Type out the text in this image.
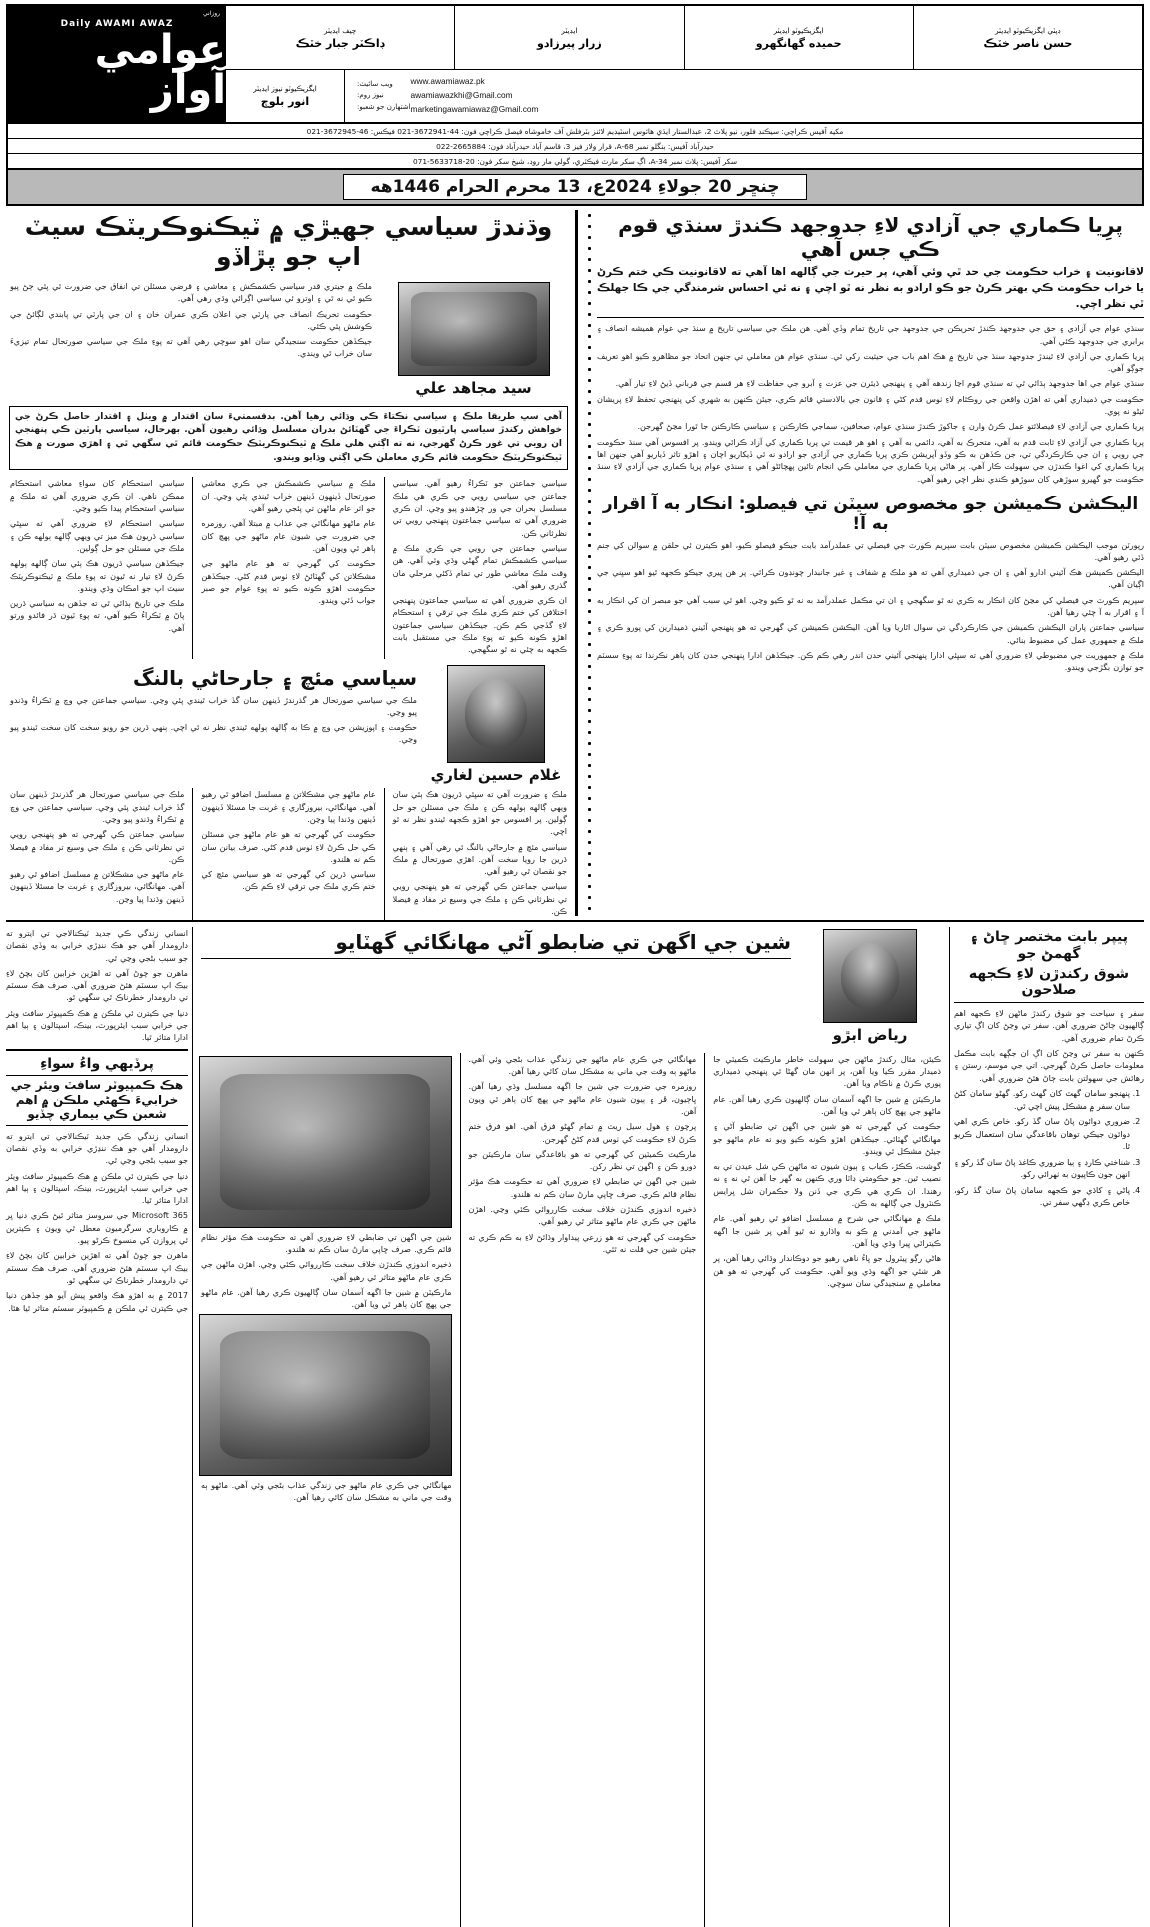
ڊپٽي ايگزيڪيوٽو ايڊيٽر
حسن ناصر خٽڪ
ايگزيڪيوٽو ايڊيٽر
حميده گهانگهرو
ايڊيٽر
زرار پيرزادو
چيف ايڊيٽر
ڊاڪٽر جبار خٽڪ
ويب سائيٽ:
نيوز روم:
اشتهارن جو شعبو:
www.awamiawaz.pk
awamiawazkhi@Gmail.com
marketingawamiawaz@Gmail.com
ايگزيڪيوٽو نيوز ايڊيٽر
انور بلوچ
روزاني
Daily AWAMI AWAZ
عوامي آواز
مکيه آفيس ڪراچي: سيڪنڊ فلور، نيو پلاٽ 2، عبدالستار ايڌي هائوس اسٽيڊيم لائنز بٽرفلش آف خاموشاه فيصل ڪراچي فون: 44-3672941-021 فيڪس: 46-3672945-021
حيدرآباد آفيس: بنگلو نمبر A-68، قرار ولاز فيز 3، قاسم آباد حيدرآباد فون: 2665884-022
سکر آفيس: پلاٽ نمبر A-34، اڳ سکر مارٽ فيڪٽري، گولي مار روڊ، شيخ سکر فون: 20-5633718-071
چنڇر 20 جولاءِ 2024ع، 13 محرم الحرام 1446هه
پرِيا ڪماري جي آزادي لاءِ جدوجهد ڪندڙ سنڌي قوم ڪي جس آهي
لاقانونيت ۽ خراب حڪومت جي حد ٿي وئي آهي، پر حيرت جي ڳالهه اها آهي ته لاقانونيت ڪي ختم ڪرڻ يا خراب حڪومت ڪي بهتر ڪرڻ جو ڪو ارادو به نظر نه ٿو اچي ۽ نه ئي احساس شرمندگي جي ڪا جهلڪ ٿي نظر اچي.

سنڌي عوام جي آزادي ۽ حق جي جدوجهد ڪندڙ تحريڪن جي جدوجهد جي تاريخ تمام وڏي آهي. هن ملڪ جي سياسي تاريخ ۾ سنڌ جي عوام هميشه انصاف ۽ برابري جي جدوجهد ڪئي آهي.

پريا ڪماري جي آزادي لاءِ ٿيندڙ جدوجهد سنڌ جي تاريخ ۾ هڪ اهم باب جي حيثيت رکي ٿي. سنڌي عوام هن معاملي تي جنهن اتحاد جو مظاهرو ڪيو اهو تعريف جوڳو آهي.

سنڌي عوام جي اها جدوجهد ٻڌائي ٿي ته سنڌي قوم اڃا زندهه آهي ۽ پنهنجي ڌيئرن جي عزت ۽ آبرو جي حفاظت لاءِ هر قسم جي قرباني ڏيڻ لاءِ تيار آهي.

حڪومت جي ذميداري آهي ته اهڙن واقعن جي روڪٿام لاءِ ٺوس قدم کڻي ۽ قانون جي بالادستي قائم ڪري، جيئن ڪنهن به شهري کي پنهنجي تحفظ لاءِ پريشان ٿيڻو نه پوي.

پريا ڪماري جي آزادي لاءِ فيصلائتو عمل ڪرڻ وارن ۽ جاکوڙ ڪندڙ سنڌي عوام، صحافين، سماجي ڪارڪنن ۽ سياسي ڪارڪنن جا ٿورا مڃڻ گهرجن.

پريا ڪماري جي آزادي لاءِ ثابت قدم به آهي، متحرڪ به آهي، دائمي به آهي ۽ اهو هر قيمت تي پريا ڪماري کي آزاد ڪرائي ويندو. پر افسوس آهي سنڌ حڪومت جي رويي ۽ ان جي ڪارڪردگي تي، جن ڪڏهن به ڪو وڏو آپريشن ڪري پريا ڪماري جي آزادي جو ارادو نه ئي ڏيکاريو اچان ۽ اهڙو تاثر ڏياريو آهي جنهن اها پريا ڪماري کي اغوا ڪندڙن جي سهولت ڪار آهي. پر هاڻي پريا ڪماري جي معاملي ڪي انجام تائين پهچائڻو آهي ۽ سنڌي عوام پريا ڪماري جي آزادي لاءِ سنڌ حڪومت جو گهيرو سوڙهي کان سوڙهو ڪندي نظر اچي رهيو آهي.

اليڪشن ڪميشن جو مخصوص سيٽن تي فيصلو: انڪار به آ اقرار به آ!

رپورٽن موجب اليڪشن ڪميشن مخصوص سيٽن بابت سپريم ڪورٽ جي فيصلي تي عملدرآمد بابت جيڪو فيصلو ڪيو، اهو ڪيترن ئي حلقن ۾ سوالن کي جنم ڏئي رهيو آهي.

اليڪشن ڪميشن هڪ آئيني ادارو آهي ۽ ان جي ذميداري آهي ته هو ملڪ ۾ شفاف ۽ غير جانبدار چونڊون ڪرائي. پر هن ڀيري جيڪو ڪجهه ٿيو اهو سڀني جي اڳيان آهي.

سپريم ڪورٽ جي فيصلي کي مڃڻ کان انڪار به ڪري نه ٿو سگهجي ۽ ان تي مڪمل عملدرآمد به نه ٿو ڪيو وڃي. اهو ئي سبب آهي جو مبصر ان کي انڪار به آ ۽ اقرار به آ چئي رهيا آهن.

سياسي جماعتن پاران اليڪشن ڪميشن جي ڪارڪردگي تي سوال اٿاريا ويا آهن. اليڪشن ڪميشن کي گهرجي ته هو پنهنجي آئيني ذميدارين کي پورو ڪري ۽ ملڪ ۾ جمهوري عمل کي مضبوط بنائي.

ملڪ ۾ جمهوريت جي مضبوطي لاءِ ضروري آهي ته سڀئي ادارا پنهنجي آئيني حدن اندر رهي ڪم ڪن. جيڪڏهن ادارا پنهنجي حدن کان ٻاهر نڪرندا ته پوءِ سسٽم جو توازن بگڙجي ويندو.

وڌندڙ سياسي جهيڙي ۾ ٽيڪنوڪريٽڪ سيٽ اپ جو پڙاڏو
سيد مجاهد علي

ملڪ ۾ جيتري قدر سياسي ڪشمڪش ۽ معاشي ۽ قرضي مسئلن تي انفاق جي ضرورت ٿي پئي ڄڻ پيو ڪيو ئي نه ٿي ۽ اوترو ئي سياسي اڳرائي وڌي رهي آهي.

حڪومت تحريڪ انصاف جي پارٽي جي اعلان ڪري عمران خان ۽ ان جي پارٽي تي پابندي لڳائڻ جي ڪوشش پئي ڪئي.

جيڪڏهن حڪومت سنجيدگي سان اهو سوچي رهي آهي ته پوءِ ملڪ جي سياسي صورتحال تمام تيزيءَ سان خراب ٿي ويندي.

آهي سڀ طريقا ملڪ ۽ سياسي نڪتاءَ ڪي وڌائي رهيا آهن. بدقسمتيءَ سان اقتدار ۾ ويٺل ۽ اقتدار حاصل ڪرڻ جي خواهش رکندڙ سياسي پارٽيون ٽڪراءَ جي گهٽائڻ بدران مسلسل وڌائي رهيون آهن. بهرحال، سياسي پارٽين ڪي پنهنجي ان رويي تي غور ڪرڻ گهرجي، نه ته اڳتي هلي ملڪ ۾ ٽيڪنوڪريٽڪ حڪومت قائم ٿي سگهي ٿي ۽ اهڙي صورت ۾ هڪ ٽيڪنوڪريٽڪ حڪومت قائم ڪري معاملن ڪي اڳتي وڌايو ويندو.

سياسي جماعتن جو ٽڪراءُ رهيو آهي. سياسي جماعتن جي سياسي رويي جي ڪري هي ملڪ مسلسل بحران جي ور چڙهندو پيو وڃي. ان ڪري ضروري آهي ته سياسي جماعتون پنهنجي رويي تي نظرثاني ڪن.

سياسي جماعتن جي رويي جي ڪري ملڪ ۾ سياسي ڪشمڪش تمام گهڻي وڌي وئي آهي. هن وقت ملڪ معاشي طور تي تمام ڏکئي مرحلي مان گذري رهيو آهي.

ان ڪري ضروري آهي ته سياسي جماعتون پنهنجي اختلافن کي ختم ڪري ملڪ جي ترقي ۽ استحڪام لاءِ گڏجي ڪم ڪن. جيڪڏهن سياسي جماعتون اهڙو ڪونه ڪيو ته پوءِ ملڪ جي مستقبل بابت ڪجهه به چئي نه ٿو سگهجي.

ملڪ ۾ سياسي ڪشمڪش جي ڪري معاشي صورتحال ڏينهون ڏينهن خراب ٿيندي پئي وڃي. ان جو اثر عام ماڻهن تي پئجي رهيو آهي.

عام ماڻهو مهانگائي جي عذاب ۾ مبتلا آهي. روزمره جي ضرورت جي شيون عام ماڻهو جي پهچ کان ٻاهر ٿي ويون آهن.

حڪومت کي گهرجي ته هو عام ماڻهو جي مشڪلاتن کي گهٽائڻ لاءِ ٺوس قدم کڻي. جيڪڏهن حڪومت اهڙو ڪونه ڪيو ته پوءِ عوام جو صبر جواب ڏئي ويندو.

سياسي استحڪام کان سواءِ معاشي استحڪام ممڪن ناهي. ان ڪري ضروري آهي ته ملڪ ۾ سياسي استحڪام پيدا ڪيو وڃي.

سياسي استحڪام لاءِ ضروري آهي ته سڀئي سياسي ڌريون هڪ ميز تي ويهي ڳالهه ٻولهه ڪن ۽ ملڪ جي مسئلن جو حل ڳولين.

جيڪڏهن سياسي ڌريون هڪ ٻئي سان ڳالهه ٻولهه ڪرڻ لاءِ تيار نه ٿيون ته پوءِ ملڪ ۾ ٽيڪنوڪريٽڪ سيٽ اپ جو امڪان وڌي ويندو.

ملڪ جي تاريخ ٻڌائي ٿي ته جڏهن به سياسي ڌرين پاڻ ۾ ٽڪراءُ ڪيو آهي، ته پوءِ ٽيون ڌر فائدو ورتو آهي.

غلام حسين لغاري
سياسي مئچ ۽ جارحاڻي بالنگ

ملڪ جي سياسي صورتحال هر گذرندڙ ڏينهن سان گڏ خراب ٿيندي پئي وڃي. سياسي جماعتن جي وچ ۾ ٽڪراءُ وڌندو پيو وڃي.

حڪومت ۽ اپوزيشن جي وچ ۾ ڪا به ڳالهه ٻولهه ٿيندي نظر نه ٿي اچي. ٻنهي ڌرين جو رويو سخت کان سخت ٿيندو پيو وڃي.

ملڪ ۽ ضرورت آهي ته سڀئي ڌريون هڪ ٻئي سان ويهي ڳالهه ٻولهه ڪن ۽ ملڪ جي مسئلن جو حل ڳولين. پر افسوس جو اهڙو ڪجهه ٿيندو نظر نه ٿو اچي.

سياسي مئچ ۾ جارحاڻي بالنگ ٿي رهي آهي ۽ ٻنهي ڌرين جا رويا سخت آهن. اهڙي صورتحال ۾ ملڪ جو نقصان ٿي رهيو آهي.

سياسي جماعتن ڪي گهرجي ته هو پنهنجي رويي تي نظرثاني ڪن ۽ ملڪ جي وسيع تر مفاد ۾ فيصلا ڪن.

عام ماڻهو جي مشڪلاتن ۾ مسلسل اضافو ٿي رهيو آهي. مهانگائي، بيروزگاري ۽ غربت جا مسئلا ڏينهون ڏينهن وڌندا پيا وڃن.

حڪومت کي گهرجي ته هو عام ماڻهو جي مسئلن ڪي حل ڪرڻ لاءِ ٺوس قدم کڻي. صرف بيانن سان ڪم نه هلندو.

سياسي ڌرين کي گهرجي ته هو سياسي مئچ کي ختم ڪري ملڪ جي ترقي لاءِ ڪم ڪن.

ملڪ جي سياسي صورتحال هر گذرندڙ ڏينهن سان گڏ خراب ٿيندي پئي وڃي. سياسي جماعتن جي وچ ۾ ٽڪراءُ وڌندو پيو وڃي.

سياسي جماعتن ڪي گهرجي ته هو پنهنجي رويي تي نظرثاني ڪن ۽ ملڪ جي وسيع تر مفاد ۾ فيصلا ڪن.

عام ماڻهو جي مشڪلاتن ۾ مسلسل اضافو ٿي رهيو آهي. مهانگائي، بيروزگاري ۽ غربت جا مسئلا ڏينهون ڏينهن وڌندا پيا وڃن.

پيپر بابت مختصر ڇاڻ ۽ گهمڻ جو
شوق رکندڙن لاءِ ڪجهه صلاحون

سفر ۽ سياحت جو شوق رکندڙ ماڻهن لاءِ ڪجهه اهم ڳالهيون ڄاڻڻ ضروري آهن. سفر تي وڃڻ کان اڳ تياري ڪرڻ تمام ضروري آهي.

ڪنهن به سفر تي وڃڻ کان اڳ ان جڳهه بابت مڪمل معلومات حاصل ڪرڻ گهرجي. اتي جي موسم، رستن ۽ رهائش جي سهولتن بابت ڄاڻ هئڻ ضروري آهي.

1. پنهنجو سامان گهٽ کان گهٽ رکو. گهڻو سامان کڻڻ سان سفر ۾ مشڪل پيش اچي ٿي.
2. ضروري دوائون پاڻ سان گڏ رکو. خاص ڪري اهي دوائون جيڪي توهان باقاعدگي سان استعمال ڪريو ٿا.
3. شناختي ڪارڊ ۽ ٻيا ضروري ڪاغذ پاڻ سان گڏ رکو ۽ انهن جون ڪاپيون به ٺهرائي رکو.
4. پاڻي ۽ کاڌي جو ڪجهه سامان پاڻ سان گڏ رکو، خاص ڪري ڊگهي سفر تي.
رياض ابڙو
شين جي اگهن تي ضابطو آڻي مهانگائي گهٽايو

ڪيئن، مثال رکندڙ ماڻهن جي سهولت خاطر مارڪيٽ ڪميٽي جا ذميدار مقرر ڪيا ويا آهن، پر انهن مان گهڻا ئي پنهنجي ذميداري پوري ڪرڻ ۾ ناڪام ويا آهن.

مارڪيٽن ۾ شين جا اگهه آسمان سان ڳالهيون ڪري رهيا آهن. عام ماڻهو جي پهچ کان ٻاهر ٿي ويا آهن.

حڪومت کي گهرجي ته هو شين جي اگهن تي ضابطو آڻي ۽ مهانگائي گهٽائي. جيڪڏهن اهڙو ڪونه ڪيو ويو ته عام ماڻهو جو جيئڻ مشڪل ٿي ويندو.

گوشت، ڪڪڙ، ڪباب ۽ ٻيون شيون ته ماڻهن ڪي شل عيدن تي به نصيب ٿين. جو حڪومتي ڊاٽا وري ڪنهن به گهر جا آهن ٿي نه ۽ نه رهندا. ان ڪري هي ڪري جي ڏنن ولا حڪمران شل ڀرايس ڪنٽرول جي ڳالهه به ڪن.

ملڪ ۾ مهانگائي جي شرح ۾ مسلسل اضافو ٿي رهيو آهي. عام ماڻهو جي آمدني ۾ ڪو به واڌارو نه ٿيو آهي پر شين جا اگهه ڪيترائي ڀيرا وڌي ويا آهن.

هاڻي رڳو پيٽرول جو ڀاءُ ناهي رهيو جو دوڪاندار وڌائي رهيا آهن، پر هر شئي جو اگهه وڌي ويو آهي. حڪومت کي گهرجي ته هو هن معاملي ۾ سنجيدگي سان سوچي.

مهانگائي جي ڪري عام ماڻهو جي زندگي عذاب بڻجي وئي آهي. ماڻهو ٻه وقت جي ماني به مشڪل سان کائي رهيا آهن.

روزمره جي ضرورت جي شين جا اگهه مسلسل وڌي رهيا آهن. ڀاڄيون، ڦر ۽ ٻيون شيون عام ماڻهو جي پهچ کان ٻاهر ٿي ويون آهن.

پرچون ۽ هول سيل ريٽ ۾ تمام گهڻو فرق آهي. اهو فرق ختم ڪرڻ لاءِ حڪومت کي ٺوس قدم کڻڻ گهرجن.

مارڪيٽ ڪميٽين کي گهرجي ته هو باقاعدگي سان مارڪيٽن جو دورو ڪن ۽ اگهن تي نظر رکن.

شين جي اگهن تي ضابطي لاءِ ضروري آهي ته حڪومت هڪ مؤثر نظام قائم ڪري. صرف ڇاپي مارڻ سان ڪم نه هلندو.

ذخيره اندوزي ڪندڙن خلاف سخت ڪارروائي ڪئي وڃي. اهڙن ماڻهن جي ڪري عام ماڻهو متاثر ٿي رهيو آهي.

حڪومت کي گهرجي ته هو زرعي پيداوار وڌائڻ لاءِ به ڪم ڪري ته جيئن شين جي قلت نه ٿئي.

شين جي اگهن تي ضابطي لاءِ ضروري آهي ته حڪومت هڪ مؤثر نظام قائم ڪري. صرف ڇاپي مارڻ سان ڪم نه هلندو.

ذخيره اندوزي ڪندڙن خلاف سخت ڪارروائي ڪئي وڃي. اهڙن ماڻهن جي ڪري عام ماڻهو متاثر ٿي رهيو آهي.

مارڪيٽن ۾ شين جا اگهه آسمان سان ڳالهيون ڪري رهيا آهن. عام ماڻهو جي پهچ کان ٻاهر ٿي ويا آهن.

مهانگائي جي ڪري عام ماڻهو جي زندگي عذاب بڻجي وئي آهي. ماڻهو ٻه وقت جي ماني به مشڪل سان کائي رهيا آهن.

انساني زندگي ڪي جديد ٽيڪنالاجي تي ايترو ته دارومدار آهي جو هڪ ننڍڙي خرابي به وڏي نقصان جو سبب بڻجي وڃي ٿي.

ماهرن جو چوڻ آهي ته اهڙين خرابين کان بچڻ لاءِ بيڪ اپ سسٽم هئڻ ضروري آهي. صرف هڪ سسٽم تي دارومدار خطرناڪ ٿي سگهي ٿو.

دنيا جي ڪيترن ئي ملڪن ۾ هڪ ڪمپيوٽر سافٽ ويئر جي خرابي سبب ايئرپورٽ، بينڪ، اسپتالون ۽ ٻيا اهم ادارا متاثر ٿيا.

پرڏيهي واءُ سواءِ
هڪ ڪمپيوٽر سافٽ ويئر جي خرابيءَ ڪهڻي ملڪن ۾ اهم شعبن ڪي بيماري چڏيو

انساني زندگي ڪي جديد ٽيڪنالاجي تي ايترو ته دارومدار آهي جو هڪ ننڍڙي خرابي به وڏي نقصان جو سبب بڻجي وڃي ٿي.

دنيا جي ڪيترن ئي ملڪن ۾ هڪ ڪمپيوٽر سافٽ ويئر جي خرابي سبب ايئرپورٽ، بينڪ، اسپتالون ۽ ٻيا اهم ادارا متاثر ٿيا.

Microsoft 365 جي سروسز متاثر ٿيڻ ڪري دنيا ڀر ۾ ڪاروباري سرگرميون معطل ٿي ويون ۽ ڪيترين ئي پروازن کي منسوخ ڪرڻو پيو.

ماهرن جو چوڻ آهي ته اهڙين خرابين کان بچڻ لاءِ بيڪ اپ سسٽم هئڻ ضروري آهي. صرف هڪ سسٽم تي دارومدار خطرناڪ ٿي سگهي ٿو.

2017 ۾ به اهڙو هڪ واقعو پيش آيو هو جڏهن دنيا جي ڪيترن ئي ملڪن ۾ ڪمپيوٽر سسٽم متاثر ٿيا هئا.
